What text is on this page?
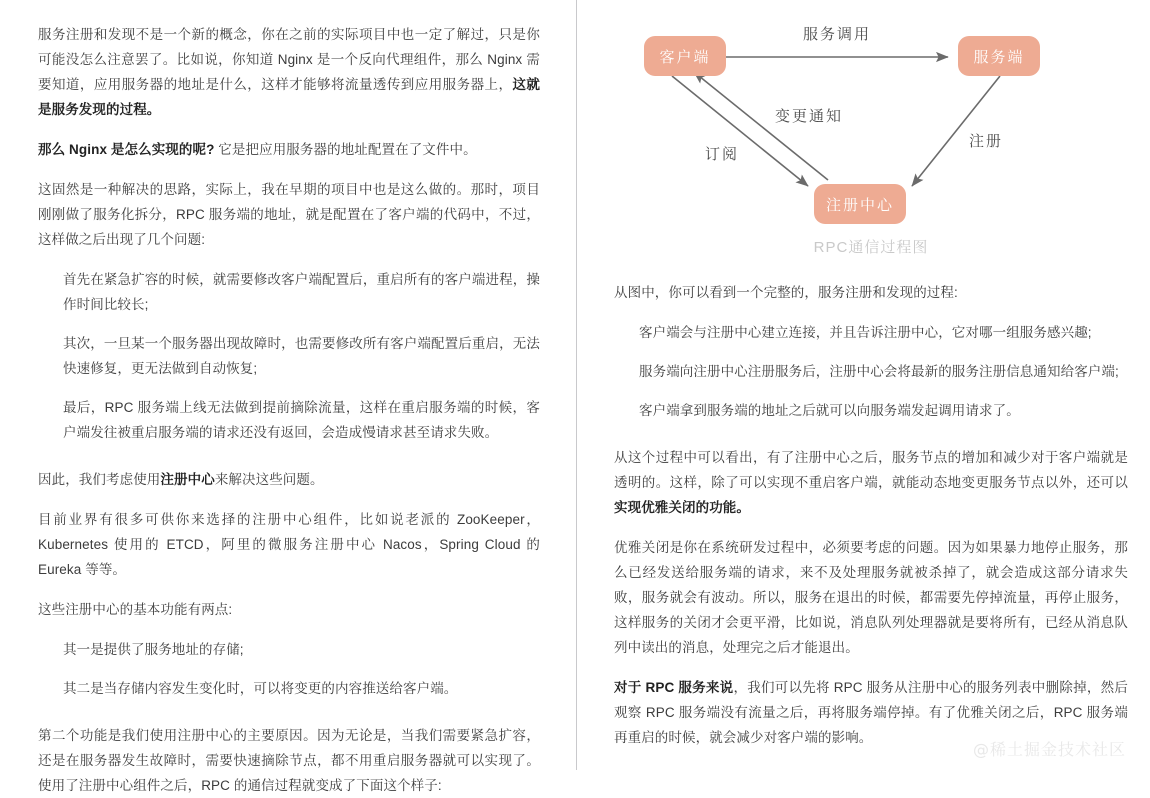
服务注册和发现不是一个新的概念，你在之前的实际项目中也一定了解过，只是你可能没怎么注意罢了。比如说，你知道 Nginx 是一个反向代理组件，那么 Nginx 需要知道，应用服务器的地址是什么，这样才能够将流量透传到应用服务器上，这就是服务发现的过程。

那么 Nginx 是怎么实现的呢? 它是把应用服务器的地址配置在了文件中。

这固然是一种解决的思路，实际上，我在早期的项目中也是这么做的。那时，项目刚刚做了服务化拆分，RPC 服务端的地址，就是配置在了客户端的代码中，不过，这样做之后出现了几个问题:

首先在紧急扩容的时候，就需要修改客户端配置后，重启所有的客户端进程，操作时间比较长;
其次，一旦某一个服务器出现故障时，也需要修改所有客户端配置后重启，无法快速修复，更无法做到自动恢复;
最后，RPC 服务端上线无法做到提前摘除流量，这样在重启服务端的时候，客户端发往被重启服务端的请求还没有返回，会造成慢请求甚至请求失败。

因此，我们考虑使用注册中心来解决这些问题。

目前业界有很多可供你来选择的注册中心组件，比如说老派的 ZooKeeper，Kubernetes 使用的 ETCD，阿里的微服务注册中心 Nacos，Spring Cloud 的 Eureka 等等。

这些注册中心的基本功能有两点:

其一是提供了服务地址的存储;
其二是当存储内容发生变化时，可以将变更的内容推送给客户端。

第二个功能是我们使用注册中心的主要原因。因为无论是，当我们需要紧急扩容，还是在服务器发生故障时，需要快速摘除节点，都不用重启服务器就可以实现了。使用了注册中心组件之后，RPC 的通信过程就变成了下面这个样子:

服务调用
订阅
变更通知
注册
客户端	服务端
注册中心
RPC通信过程图

从图中，你可以看到一个完整的，服务注册和发现的过程:

客户端会与注册中心建立连接，并且告诉注册中心，它对哪一组服务感兴趣;
服务端向注册中心注册服务后，注册中心会将最新的服务注册信息通知给客户端;
客户端拿到服务端的地址之后就可以向服务端发起调用请求了。

从这个过程中可以看出，有了注册中心之后，服务节点的增加和减少对于客户端就是透明的。这样，除了可以实现不重启客户端，就能动态地变更服务节点以外，还可以实现优雅关闭的功能。

优雅关闭是你在系统研发过程中，必须要考虑的问题。因为如果暴力地停止服务，那么已经发送给服务端的请求，来不及处理服务就被杀掉了，就会造成这部分请求失败，服务就会有波动。所以，服务在退出的时候，都需要先停掉流量，再停止服务，这样服务的关闭才会更平滑，比如说，消息队列处理器就是要将所有，已经从消息队列中读出的消息，处理完之后才能退出。

对于 RPC 服务来说，我们可以先将 RPC 服务从注册中心的服务列表中删除掉，然后观察 RPC 服务端没有流量之后，再将服务端停掉。有了优雅关闭之后，RPC 服务端再重启的时候，就会减少对客户端的影响。

@稀土掘金技术社区
